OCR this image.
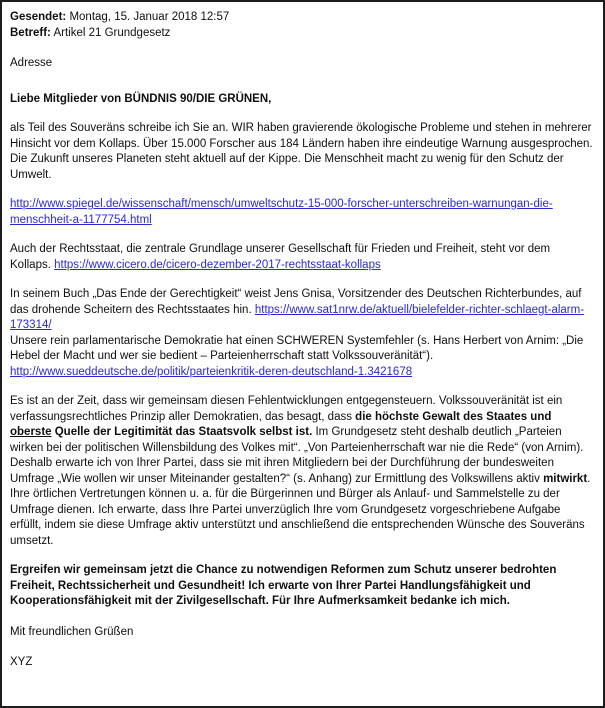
Gesendet: Montag, 15. Januar 2018 12:57
Betreff: Artikel 21 Grundgesetz
Adresse
Liebe Mitglieder von BÜNDNIS 90/DIE GRÜNEN,
als Teil des Souveräns schreibe ich Sie an. WIR haben gravierende ökologische Probleme und stehen in mehrerer Hinsicht vor dem Kollaps. Über 15.000 Forscher aus 184 Ländern haben ihre eindeutige Warnung ausgesprochen. Die Zukunft unseres Planeten steht aktuell auf der Kippe. Die Menschheit macht zu wenig für den Schutz der Umwelt.
http://www.spiegel.de/wissenschaft/mensch/umweltschutz-15-000-forscher-unterschreiben-warnungan-die-menschheit-a-1177754.html
Auch der Rechtsstaat, die zentrale Grundlage unserer Gesellschaft für Frieden und Freiheit, steht vor dem Kollaps. https://www.cicero.de/cicero-dezember-2017-rechtsstaat-kollaps
In seinem Buch „Das Ende der Gerechtigkeit“ weist Jens Gnisa, Vorsitzender des Deutschen Richterbundes, auf das drohende Scheitern des Rechtsstaates hin. https://www.sat1nrw.de/aktuell/bielefelder-richter-schlaegt-alarm-173314/
Unsere rein parlamentarische Demokratie hat einen SCHWEREN Systemfehler (s. Hans Herbert von Arnim: „Die Hebel der Macht und wer sie bedient – Parteienherrschaft statt Volkssouveränität“). http://www.sueddeutsche.de/politik/parteienkritik-deren-deutschland-1.3421678
Es ist an der Zeit, dass wir gemeinsam diesen Fehlentwicklungen entgegensteuern. Volkssouveränität ist ein verfassungsrechtliches Prinzip aller Demokratien, das besagt, dass die höchste Gewalt des Staates und oberste Quelle der Legitimität das Staatsvolk selbst ist. Im Grundgesetz steht deshalb deutlich „Parteien wirken bei der politischen Willensbildung des Volkes mit“. „Von Parteienherrschaft war nie die Rede“ (von Arnim). Deshalb erwarte ich von Ihrer Partei, dass sie mit ihren Mitgliedern bei der Durchführung der bundesweiten Umfrage „Wie wollen wir unser Miteinander gestalten?“ (s. Anhang) zur Ermittlung des Volkswillens aktiv mitwirkt. Ihre örtlichen Vertretungen können u. a. für die Bürgerinnen und Bürger als Anlauf- und Sammelstelle zu der Umfrage dienen. Ich erwarte, dass Ihre Partei unverzüglich Ihre vom Grundgesetz vorgeschriebene Aufgabe erfüllt, indem sie diese Umfrage aktiv unterstützt und anschließend die entsprechenden Wünsche des Souveräns umsetzt.
Ergreifen wir gemeinsam jetzt die Chance zu notwendigen Reformen zum Schutz unserer bedrohten Freiheit, Rechtssicherheit und Gesundheit! Ich erwarte von Ihrer Partei Handlungsfähigkeit und Kooperationsfähigkeit mit der Zivilgesellschaft. Für Ihre Aufmerksamkeit bedanke ich mich.
Mit freundlichen Grüßen
XYZ
